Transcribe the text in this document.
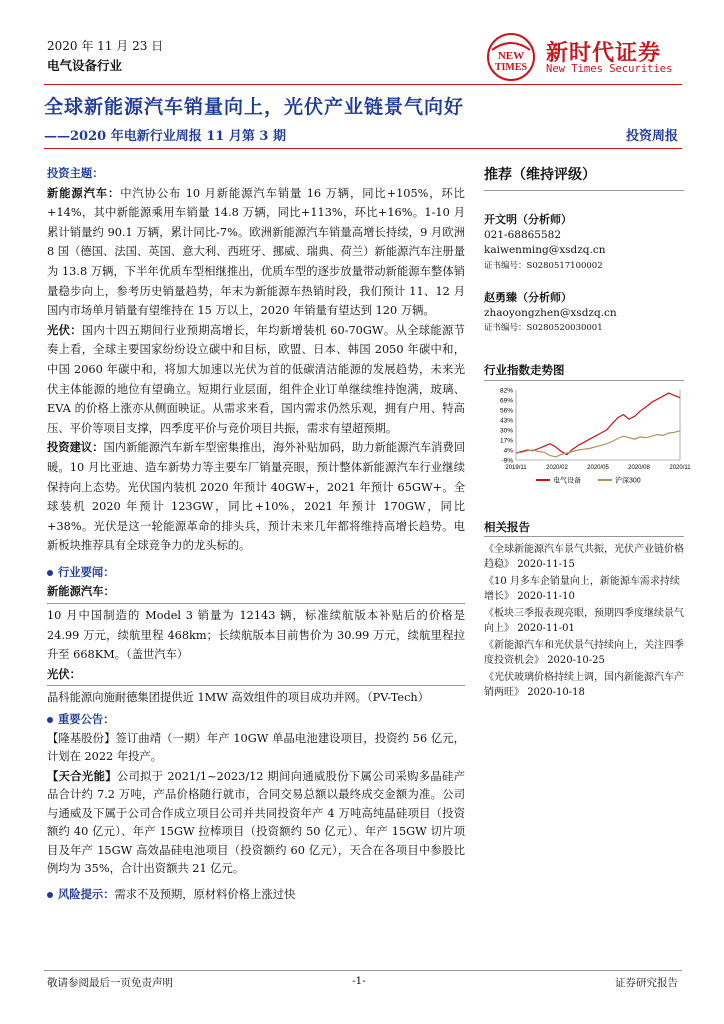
2020 年 11 月 23 日
电气设备行业
NEW
TIMES
新时代证券
New Times Securities
全球新能源汽车销量向上，光伏产业链景气向好
——2020 年电新行业周报 11 月第 3 期	投资周报

投资主题：

新能源汽车：中汽协公布 10 月新能源汽车销量 16 万辆，同比+105%，环比+14%，其中新能源乘用车销量 14.8 万辆，同比+113%，环比+16%。1-10 月累计销量约 90.1 万辆，累计同比-7%。欧洲新能源汽车销量高增长持续，9 月欧洲 8 国（德国、法国、英国、意大利、西班牙、挪威、瑞典、荷兰）新能源汽车注册量为 13.8 万辆，下半年优质车型相继推出，优质车型的逐步放量带动新能源车整体销量稳步向上，参考历史销量趋势，年末为新能源车热销时段，我们预计 11、12 月国内市场单月销量有望维持在 15 万以上，2020 年销量有望达到 120 万辆。

光伏：国内十四五期间行业预期高增长，年均新增装机 60-70GW。从全球能源节奏上看，全球主要国家纷纷设立碳中和目标，欧盟、日本、韩国 2050 年碳中和，中国 2060 年碳中和，将加大加速以光伏为首的低碳清洁能源的发展趋势，未来光伏主体能源的地位有望确立。短期行业层面，组件企业订单继续维持饱满，玻璃、EVA 的价格上涨亦从侧面映证。从需求来看，国内需求仍然乐观，拥有户用、特高压、平价等项目支撑，四季度平价与竞价项目共振，需求有望超预期。

投资建议：国内新能源汽车新车型密集推出，海外补贴加码，助力新能源汽车消费回暖。10 月比亚迪、造车新势力等主要车厂销量亮眼，预计整体新能源汽车行业继续保持向上态势。光伏国内装机 2020 年预计 40GW+，2021 年预计 65GW+。全球装机 2020 年预计 123GW，同比+10%，2021 年预计 170GW，同比+38%。光伏是这一轮能源革命的排头兵，预计未来几年都将维持高增长趋势。电新板块推荐具有全球竞争力的龙头标的。

行业要闻：

新能源汽车：

10 月中国制造的 Model 3 销量为 12143 辆，标准续航版本补贴后的价格是 24.99 万元，续航里程 468km；长续航版本目前售价为 30.99 万元，续航里程拉升至 668KM。（盖世汽车）

光伏：

晶科能源向施耐德集团提供近 1MW 高效组件的项目成功并网。（PV-Tech）

重要公告：

【隆基股份】签订曲靖（一期）年产 10GW 单晶电池建设项目，投资约 56 亿元，计划在 2022 年投产。

【天合光能】公司拟于 2021/1~2023/12 期间向通威股份下属公司采购多晶硅产品合计约 7.2 万吨，产品价格随行就市，合同交易总额以最终成交金额为准。公司与通威及下属于公司合作成立项目公司并共同投资年产 4 万吨高纯晶硅项目（投资额约 40 亿元）、年产 15GW 拉棒项目（投资额约 50 亿元）、年产 15GW 切片项目及年产 15GW 高效晶硅电池项目（投资额约 60 亿元），天合在各项目中参股比例均为 35%，合计出资额共 21 亿元。

风险提示：需求不及预期，原材料价格上涨过快

推荐（维持评级）
开文明（分析师）
021-68865582
kaiwenming@xsdzq.cn
证书编号：S0280517100002
赵勇臻（分析师）
zhaoyongzhen@xsdzq.cn
证书编号：S0280520030001
行业指数走势图
82%
69%
56%
43%
30%
17%
4%
-9%
2019/11	2020/02	2020/05	2020/08	2020/11
电气设备	沪深300
相关报告

《全球新能源汽车景气共振，光伏产业链价格趋稳》 2020-11-15

《10 月多车企销量向上，新能源车需求持续增长》 2020-11-10

《板块三季报表现亮眼，预期四季度继续景气向上》 2020-11-01

《新能源汽车和光伏景气持续向上，关注四季度投资机会》 2020-10-25

《光伏玻璃价格持续上调，国内新能源汽车产销两旺》 2020-10-18

敬请参阅最后一页免责声明	-1-	证券研究报告
